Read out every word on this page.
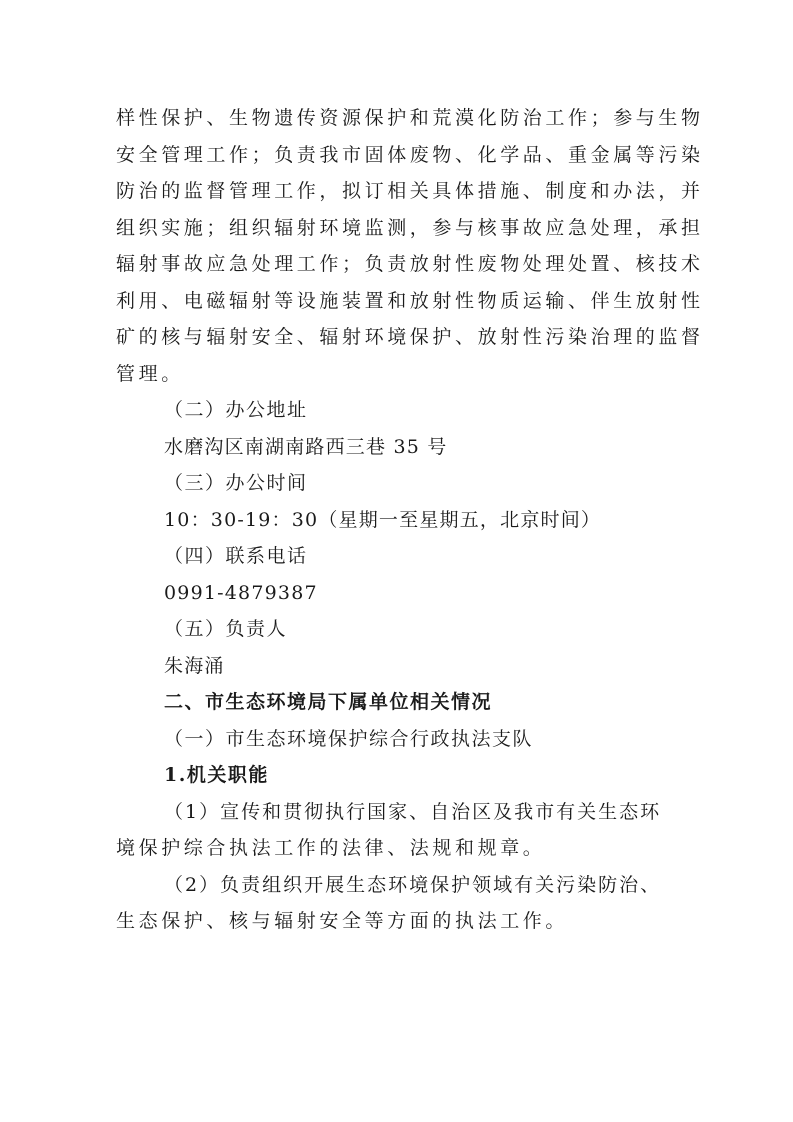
样性保护、生物遗传资源保护和荒漠化防治工作；参与生物
安全管理工作；负责我市固体废物、化学品、重金属等污染
防治的监督管理工作，拟订相关具体措施、制度和办法，并
组织实施；组织辐射环境监测，参与核事故应急处理，承担
辐射事故应急处理工作；负责放射性废物处理处置、核技术
利用、电磁辐射等设施装置和放射性物质运输、伴生放射性
矿的核与辐射安全、辐射环境保护、放射性污染治理的监督
管理。
（二）办公地址
水磨沟区南湖南路西三巷 35 号
（三）办公时间
10：30-19：30（星期一至星期五，北京时间）
（四）联系电话
0991-4879387
（五）负责人
朱海涌
二、市生态环境局下属单位相关情况
（一）市生态环境保护综合行政执法支队
1.机关职能
（1）宣传和贯彻执行国家、自治区及我市有关生态环
境保护综合执法工作的法律、法规和规章。
（2）负责组织开展生态环境保护领域有关污染防治、
生态保护、核与辐射安全等方面的执法工作。
